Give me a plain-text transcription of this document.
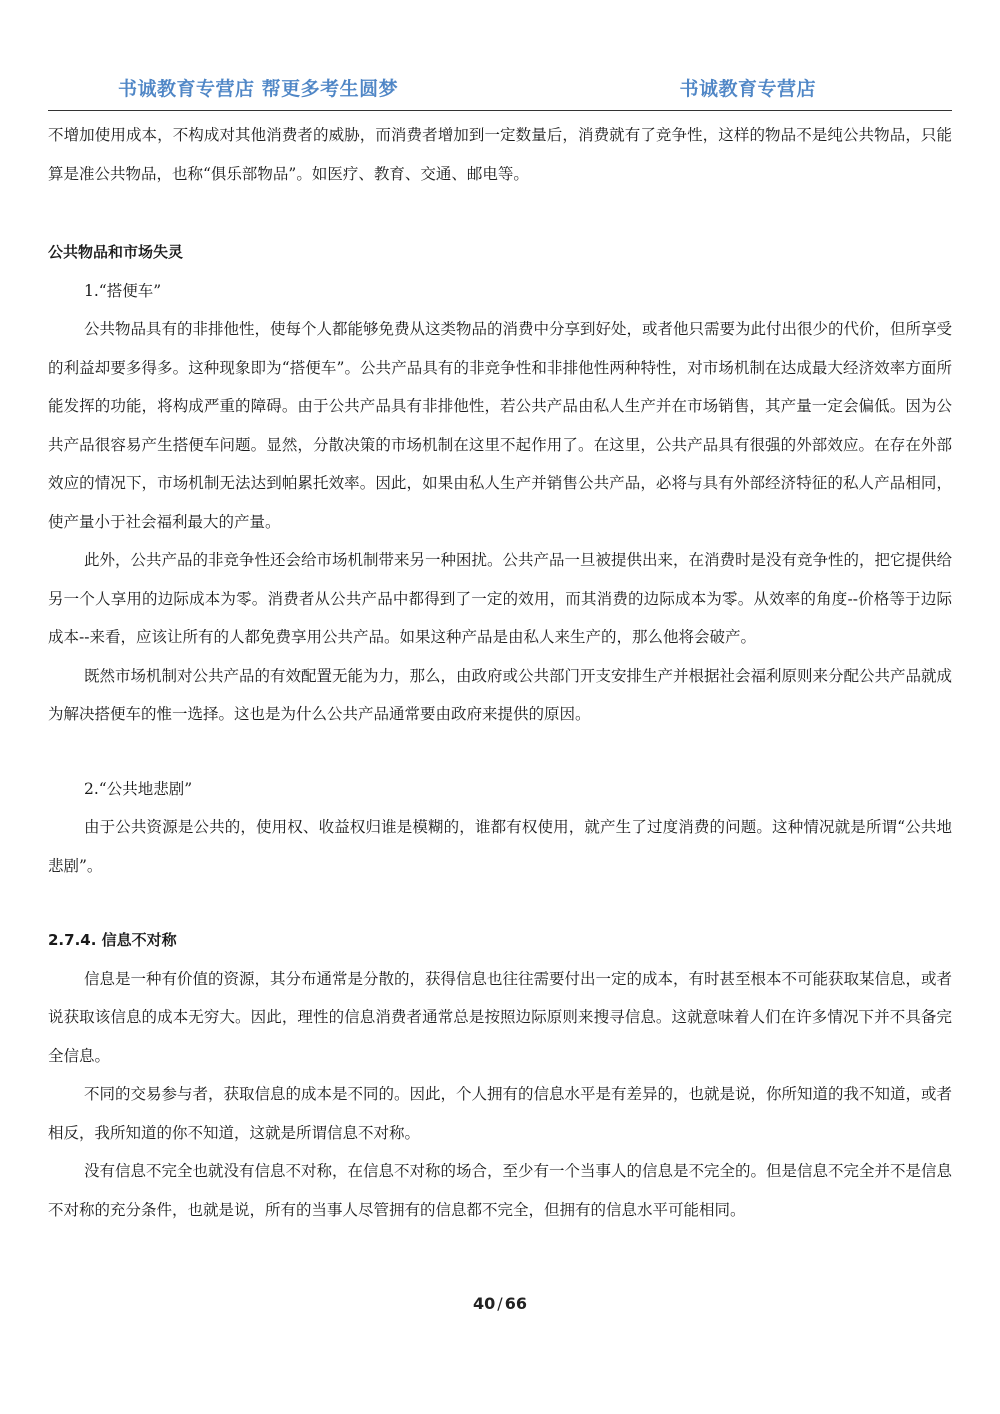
书诚教育专营店 帮更多考生圆梦	书诚教育专营店

不增加使用成本，不构成对其他消费者的威胁，而消费者增加到一定数量后，消费就有了竞争性，这样的物品不是纯公共物品，只能算是准公共物品，也称“俱乐部物品”。如医疗、教育、交通、邮电等。

公共物品和市场失灵

1.“搭便车”

公共物品具有的非排他性，使每个人都能够免费从这类物品的消费中分享到好处，或者他只需要为此付出很少的代价，但所享受的利益却要多得多。这种现象即为“搭便车”。公共产品具有的非竞争性和非排他性两种特性，对市场机制在达成最大经济效率方面所能发挥的功能，将构成严重的障碍。由于公共产品具有非排他性，若公共产品由私人生产并在市场销售，其产量一定会偏低。因为公共产品很容易产生搭便车问题。显然，分散决策的市场机制在这里不起作用了。在这里，公共产品具有很强的外部效应。在存在外部效应的情况下，市场机制无法达到帕累托效率。因此，如果由私人生产并销售公共产品，必将与具有外部经济特征的私人产品相同，使产量小于社会福利最大的产量。

此外，公共产品的非竞争性还会给市场机制带来另一种困扰。公共产品一旦被提供出来，在消费时是没有竞争性的，把它提供给另一个人享用的边际成本为零。消费者从公共产品中都得到了一定的效用，而其消费的边际成本为零。从效率的角度--价格等于边际成本--来看，应该让所有的人都免费享用公共产品。如果这种产品是由私人来生产的，那么他将会破产。

既然市场机制对公共产品的有效配置无能为力，那么，由政府或公共部门开支安排生产并根据社会福利原则来分配公共产品就成为解决搭便车的惟一选择。这也是为什么公共产品通常要由政府来提供的原因。

2.“公共地悲剧”

由于公共资源是公共的，使用权、收益权归谁是模糊的，谁都有权使用，就产生了过度消费的问题。这种情况就是所谓“公共地悲剧”。

2.7.4. 信息不对称

信息是一种有价值的资源，其分布通常是分散的，获得信息也往往需要付出一定的成本，有时甚至根本不可能获取某信息，或者说获取该信息的成本无穷大。因此，理性的信息消费者通常总是按照边际原则来搜寻信息。这就意味着人们在许多情况下并不具备完全信息。

不同的交易参与者，获取信息的成本是不同的。因此，个人拥有的信息水平是有差异的，也就是说，你所知道的我不知道，或者相反，我所知道的你不知道，这就是所谓信息不对称。

没有信息不完全也就没有信息不对称，在信息不对称的场合，至少有一个当事人的信息是不完全的。但是信息不完全并不是信息不对称的充分条件，也就是说，所有的当事人尽管拥有的信息都不完全，但拥有的信息水平可能相同。

40 / 66
